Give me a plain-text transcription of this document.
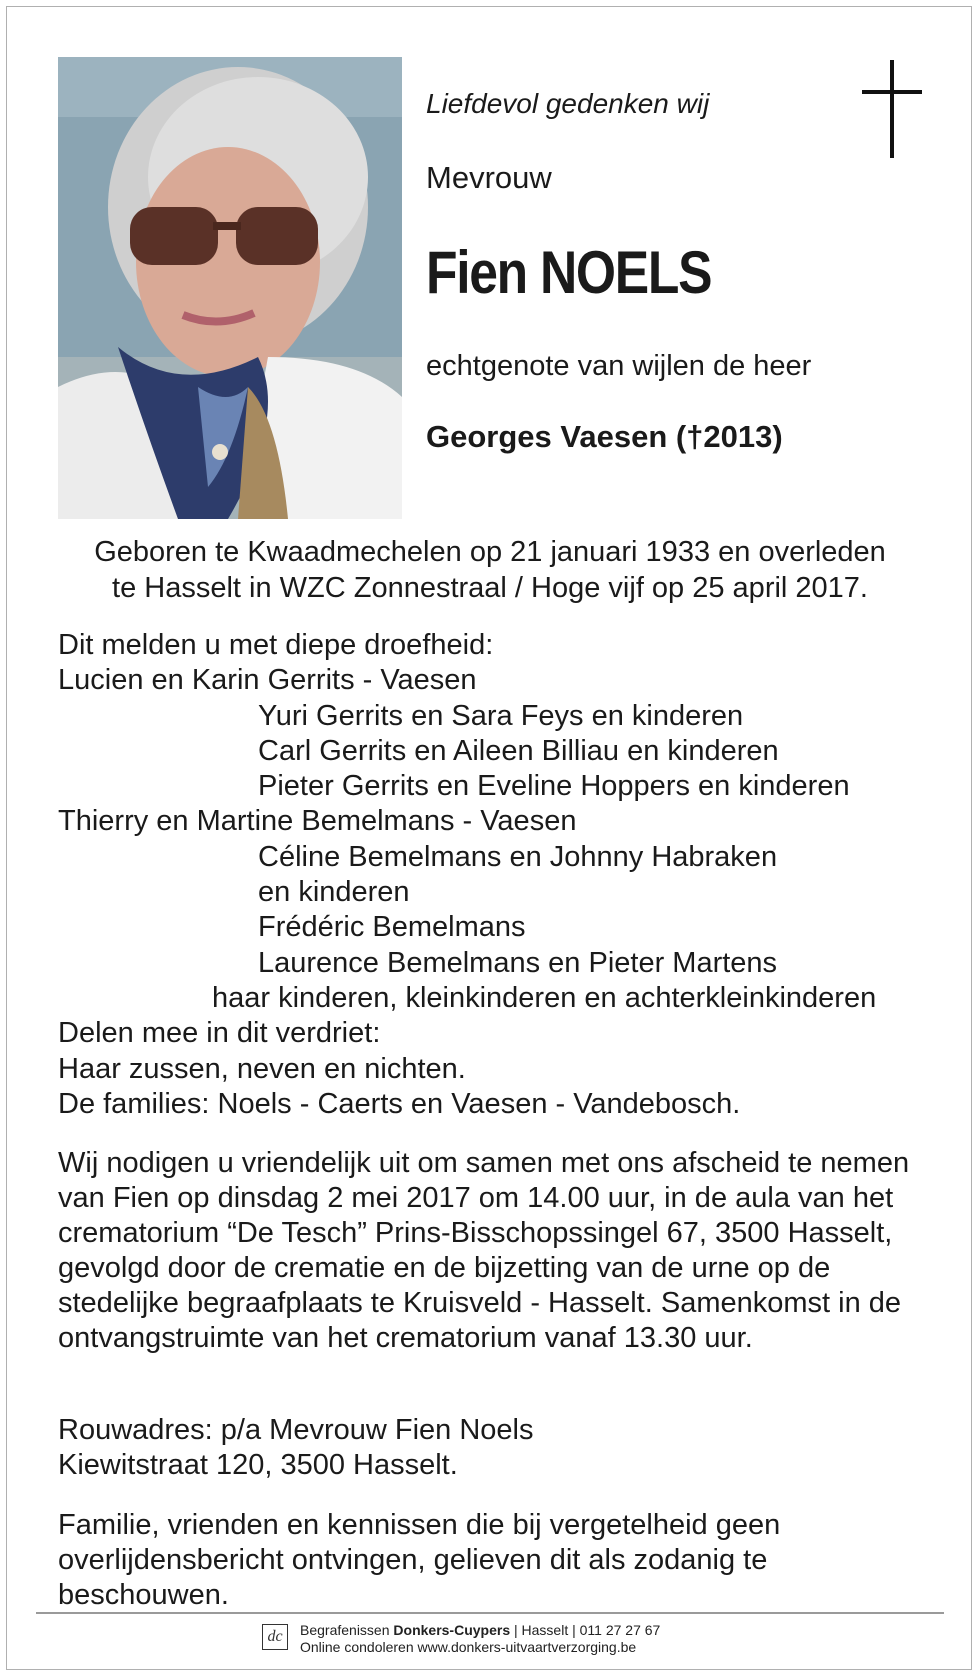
Liefdevol gedenken wij
Mevrouw
Fien NOELS
echtgenote van wijlen de heer
Georges Vaesen (†2013)
Geboren te Kwaadmechelen op 21 januari 1933 en overleden
te Hasselt in WZC Zonnestraal / Hoge vijf op 25 april 2017.
Dit melden u met diepe droefheid:
Lucien en Karin Gerrits - Vaesen
Yuri Gerrits en Sara Feys en kinderen
Carl Gerrits en Aileen Billiau en kinderen
Pieter Gerrits en Eveline Hoppers en kinderen
Thierry en Martine Bemelmans - Vaesen
Céline Bemelmans en Johnny Habraken
en kinderen
Frédéric Bemelmans
Laurence Bemelmans en Pieter Martens
haar kinderen, kleinkinderen en achterkleinkinderen
Delen mee in dit verdriet:
Haar zussen, neven en nichten.
De families: Noels - Caerts en Vaesen - Vandebosch.
Wij nodigen u vriendelijk uit om samen met ons afscheid te nemen van Fien op dinsdag 2 mei 2017 om 14.00 uur, in de aula van het crematorium “De Tesch” Prins-Bisschopssingel 67, 3500 Hasselt, gevolgd door de crematie en de bijzetting van de urne op de stedelijke begraafplaats te Kruisveld - Hasselt. Samenkomst in de ontvangstruimte van het crematorium vanaf 13.30 uur.
Rouwadres: p/a Mevrouw Fien Noels
Kiewitstraat 120, 3500 Hasselt.
Familie, vrienden en kennissen die bij vergetelheid geen overlijdensbericht ontvingen, gelieven dit als zodanig te beschouwen.
dc	Begrafenissen Donkers-Cuypers | Hasselt | 011 27 27 67
Online condoleren www.donkers-uitvaartverzorging.be
